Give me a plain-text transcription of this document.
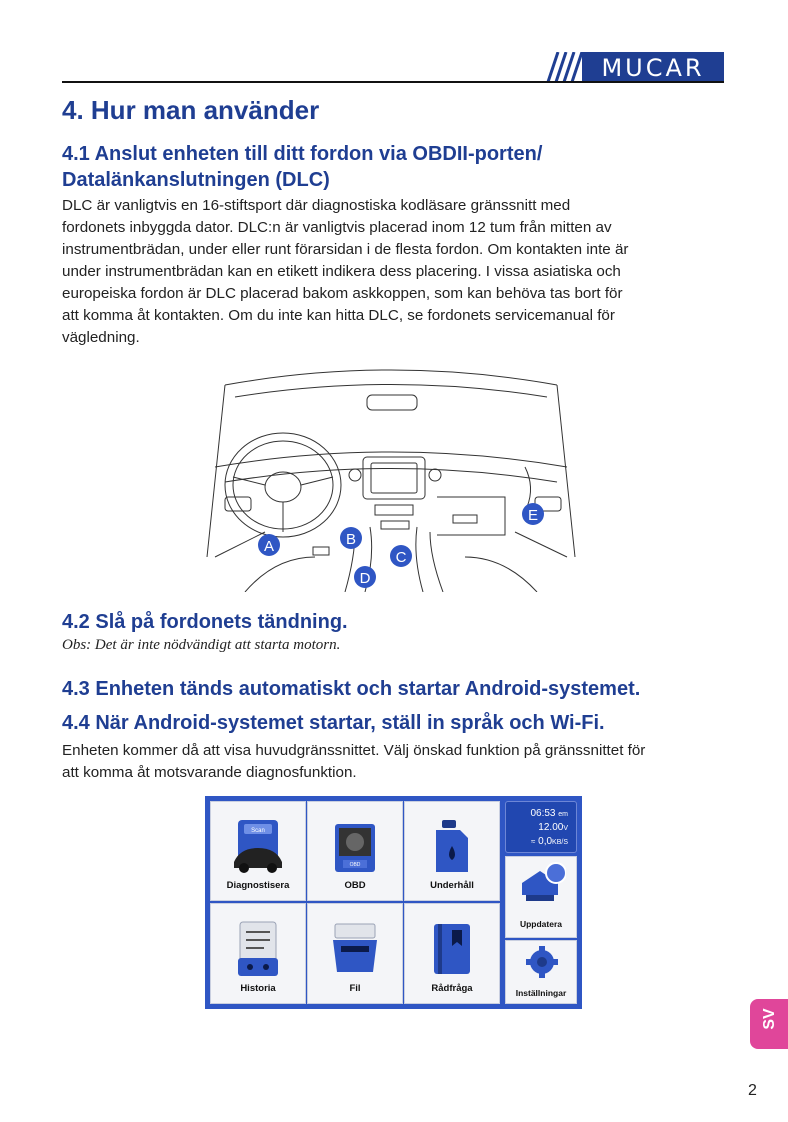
MUCAR
4. Hur man använder
4.1 Anslut enheten till ditt fordon via OBDII-porten/
Datalänkanslutningen (DLC)
DLC är vanligtvis en 16-stiftsport där diagnostiska kodläsare gränssnitt med
fordonets inbyggda dator. DLC:n är vanligtvis placerad inom 12 tum från mitten av
instrumentbrädan, under eller runt förarsidan i de flesta fordon. Om kontakten inte är
under instrumentbrädan kan en etikett indikera dess placering. I vissa asiatiska och
europeiska fordon är DLC placerad bakom askkoppen, som kan behöva tas bort för
att komma åt kontakten. Om du inte kan hitta DLC, se fordonets servicemanual för
vägledning.
A	B
C
D
E
4.2 Slå på fordonets tändning.

Obs: Det är inte nödvändigt att starta motorn.

4.3 Enheten tänds automatiskt och startar Android-systemet.
4.4 När Android-systemet startar, ställ in språk och Wi-Fi.
Enheten kommer då att visa huvudgränssnittet. Välj önskad funktion på gränssnittet för
att komma åt motsvarande diagnosfunktion.
Scan
Diagnostisera
OBD
OBD	Underhåll
Historia	Fil	Rådfråga
06:53 em
12.00V
≈ 0,0KB/S
Uppdatera
Inställningar
SV
2
